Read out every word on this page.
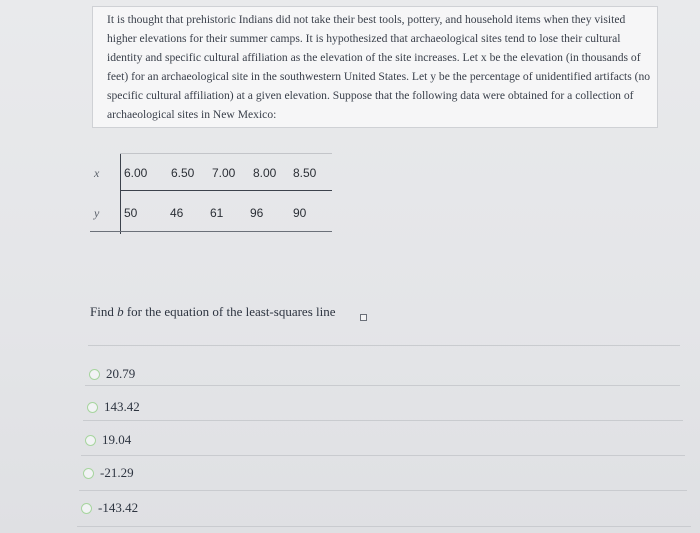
It is thought that prehistoric Indians did not take their best tools, pottery, and household items when they visited higher elevations for their summer camps. It is hypothesized that archaeological sites tend to lose their cultural identity and specific cultural affiliation as the elevation of the site increases. Let x be the elevation (in thousands of feet) for an archaeological site in the southwestern United States. Let y be the percentage of unidentified artifacts (no specific cultural affiliation) at a given elevation. Suppose that the following data were obtained for a collection of archaeological sites in New Mexico:

x 6.00 6.50 7.00 8.00 8.50
y 50	46 61 96 90
Find b for the equation of the least-squares line
20.79
143.42
19.04
-21.29
-143.42
